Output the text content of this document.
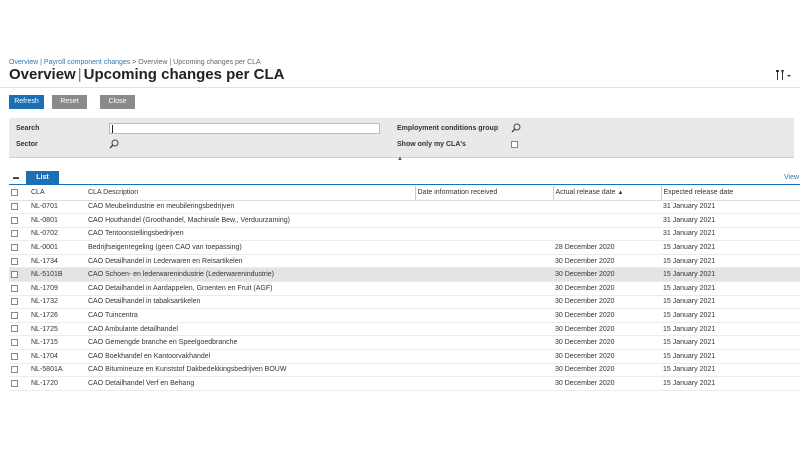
Overview | Payroll component changes > Overview | Upcoming changes per CLA
Overview | Upcoming changes per CLA
Refresh	Reset	Close
Search
Sector
Employment conditions group
Show only my CLA's
▲
▬	List	View
	CLA	CLA Description	Date information received	Actual release date ▲	Expected release date
	NL-0701	CAO Meubelindustrie en meubileringsbedrijven			31 January 2021
	NL-0801	CAO Houthandel (Groothandel, Machinale Bew., Verduurzaming)			31 January 2021
	NL-0702	CAO Tentoonstellingsbedrijven			31 January 2021
	NL-0001	Bedrijfseigenregeling (geen CAO van toepassing)		28 December 2020	15 January 2021
	NL-1734	CAO Detailhandel in Lederwaren en Reisartikelen		30 December 2020	15 January 2021
	NL-5101B	CAO Schoen- en lederwarenindustrie (Lederwarenindustrie)		30 December 2020	15 January 2021
	NL-1709	CAO Detailhandel in Aardappelen, Groenten en Fruit (AGF)		30 December 2020	15 January 2021
	NL-1732	CAO Detailhandel in tabaksartikelen		30 December 2020	15 January 2021
	NL-1726	CAO Tuincentra		30 December 2020	15 January 2021
	NL-1725	CAO Ambulante detailhandel		30 December 2020	15 January 2021
	NL-1715	CAO Gemengde branche en Speelgoedbranche		30 December 2020	15 January 2021
	NL-1704	CAO Boekhandel en Kantoorvakhandel		30 December 2020	15 January 2021
	NL-5801A	CAO Bitumineuze en Kunststof Dakbedekkingsbedrijven BOUW		30 December 2020	15 January 2021
	NL-1720	CAO Detailhandel Verf en Behang		30 December 2020	15 January 2021
